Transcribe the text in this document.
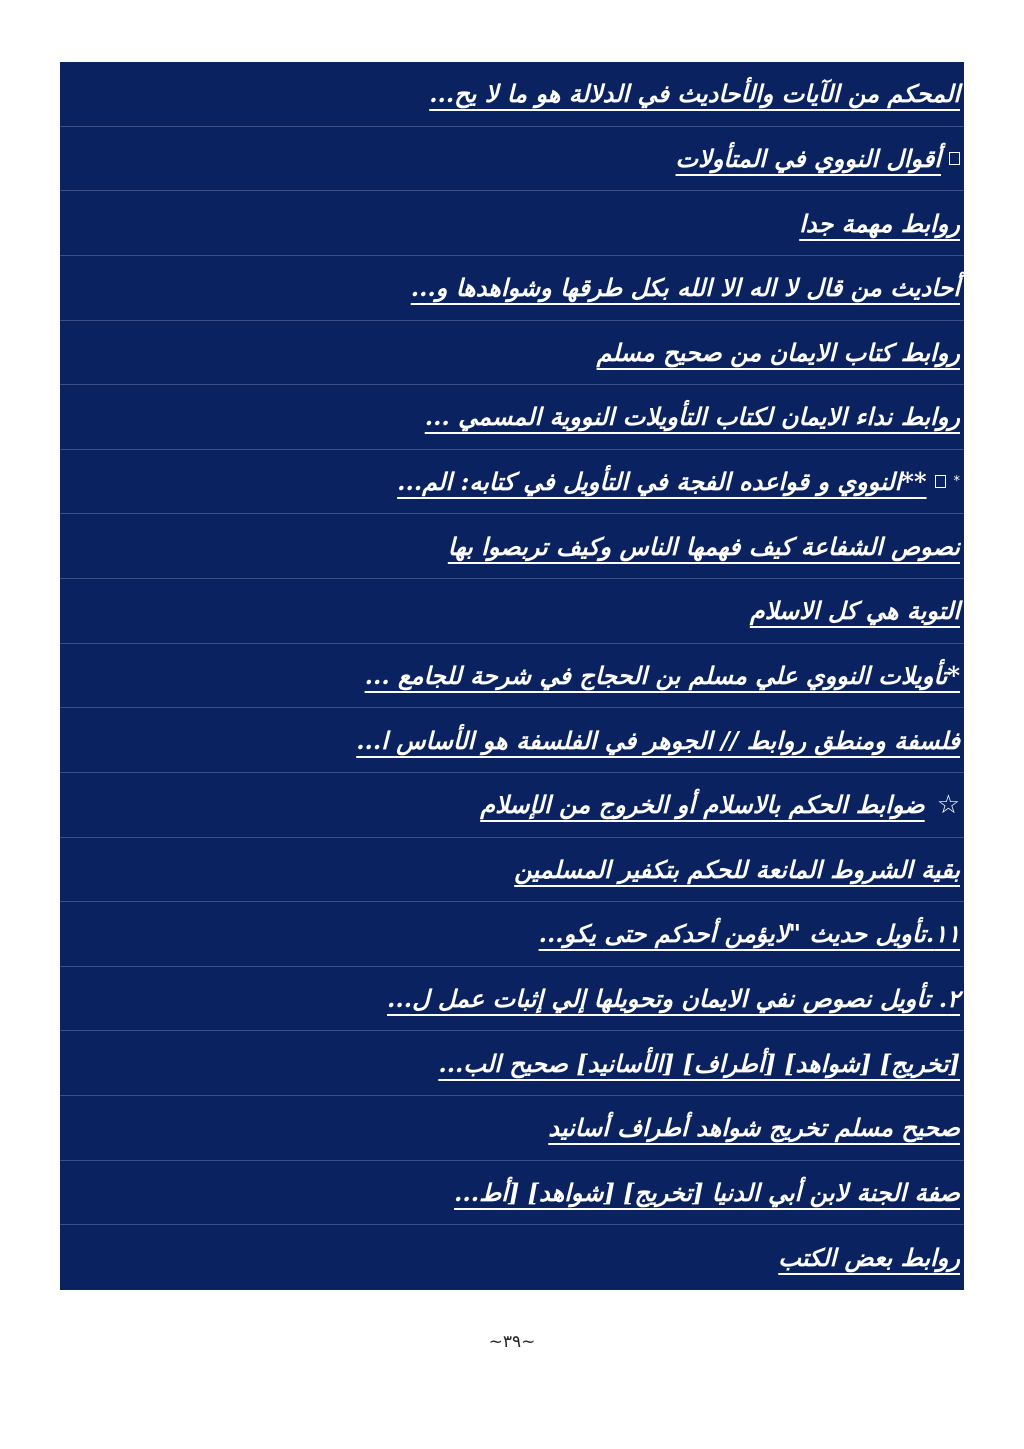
المحكم من الآيات والأحاديث في الدلالة هو ما لا يح...
أقوال النووي في المتأولات
روابط مهمة جدا
أحاديث من قال لا اله الا الله بكل طرقها وشواهدها و...
روابط كتاب الايمان من صحيح مسلم
روابط نداء الايمان لكتاب التأويلات النووية المسمي ...
*
**النووي و قواعده الفجة في التأويل في كتابه: الم...
نصوص الشفاعة كيف فهمها الناس وكيف تربصوا بها
التوبة هي كل الاسلام
*تأويلات النووي علي مسلم بن الحجاج في شرحة للجامع ...
فلسفة ومنطق روابط // الجوهر في الفلسفة هو الأساس ا...
☆
ضوابط الحكم بالاسلام أو الخروج من الإسلام
بقية الشروط المانعة للحكم بتكفير المسلمين
١١.تأويل حديث "لايؤمن أحدكم حتى يكو...
٢. تأويل نصوص نفي الايمان وتحويلها إلي إثبات عمل ل...
[تخريج] [شواهد] [أطراف] [الأسانيد] صحيح الب...
صحيح مسلم تخريج شواهد أطراف أسانيد
صفة الجنة لابن أبي الدنيا [تخريج] [شواهد] [أط...
روابط بعض الكتب
~٣٩~
